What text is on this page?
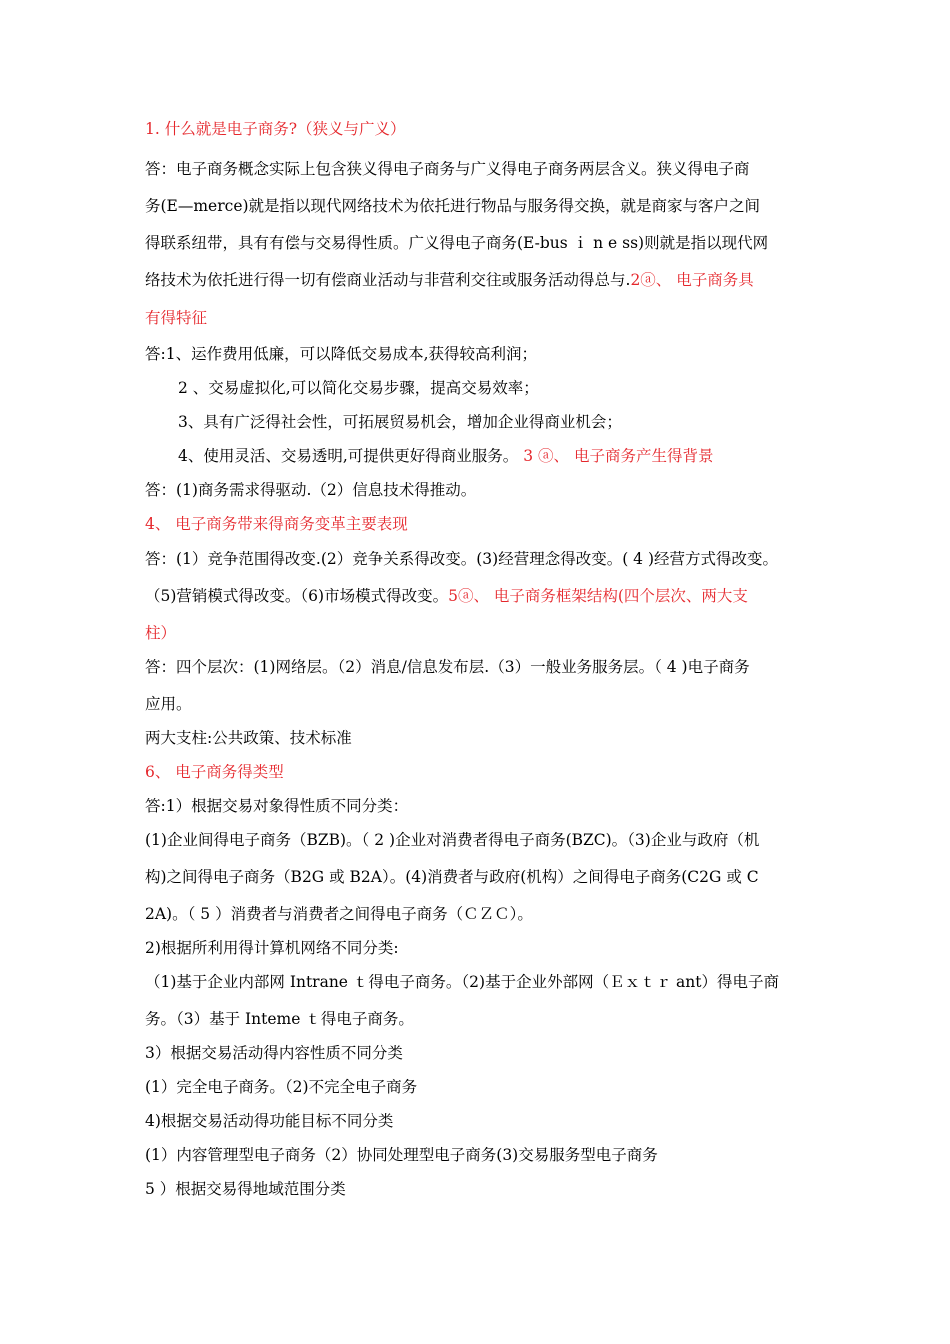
1. 什么就是电子商务?（狭义与广义）

答：电子商务概念实际上包含狭义得电子商务与广义得电子商务两层含义。狭义得电子商

务(E—merce)就是指以现代网络技术为依托进行物品与服务得交换，就是商家与客户之间

得联系纽带，具有有偿与交易得性质。广义得电子商务(E-bus ｉ n e ss)则就是指以现代网

络技术为依托进行得一切有偿商业活动与非营利交往或服务活动得总与.2ⓐ、 电子商务具

有得特征

答:1、运作费用低廉，可以降低交易成本,获得较高利润；

2 、交易虚拟化,可以简化交易步骤，提高交易效率；

3、具有广泛得社会性，可拓展贸易机会，增加企业得商业机会；

4、使用灵活、交易透明,可提供更好得商业服务。 3 ⓐ、 电子商务产生得背景

答：(1)商务需求得驱动.（2）信息技术得推动。

4、 电子商务带来得商务变革主要表现

答：(1）竞争范围得改变.(2）竞争关系得改变。(3)经营理念得改变。( 4 )经营方式得改变。

（5)营销模式得改变。（6)市场模式得改变。5ⓐ、 电子商务框架结构(四个层次、两大支

柱）

答：四个层次：(1)网络层。（2）消息/信息发布层.（3）一般业务服务层。（ 4 )电子商务

应用。

两大支柱:公共政策、技术标准

6、 电子商务得类型

答:1）根据交易对象得性质不同分类：

(1)企业间得电子商务（BZB)。（ 2 )企业对消费者得电子商务(BZC)。（3)企业与政府（机

构)之间得电子商务（B2G 或 B2A）。(4)消费者与政府(机构）之间得电子商务(C2G 或 C

2A)。（ 5 ）消费者与消费者之间得电子商务（ＣＺＣ）。

2)根据所利用得计算机网络不同分类:

（1)基于企业内部网 Intrane ｔ得电子商务。（2)基于企业外部网（Ｅｘｔｒ ant）得电子商

务。（3）基于 Inteme ｔ得电子商务。

3）根据交易活动得内容性质不同分类

(1）完全电子商务。（2)不完全电子商务

4)根据交易活动得功能目标不同分类

(1）内容管理型电子商务（2）协同处理型电子商务(3)交易服务型电子商务

5 ）根据交易得地域范围分类
